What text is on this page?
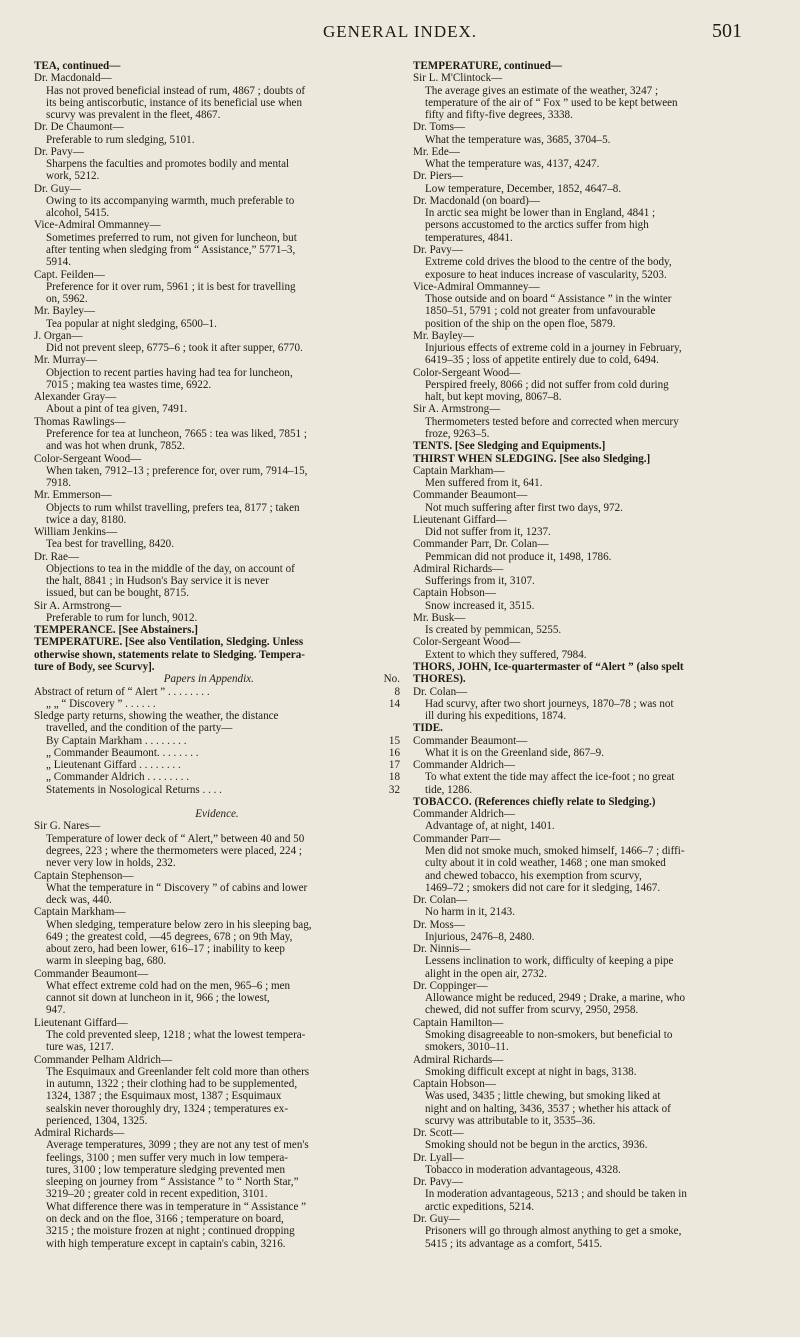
GENERAL INDEX.	501
TEA, continued—
Dr. Macdonald—
Has not proved beneficial instead of rum, 4867 ; doubts of
its being antiscorbutic, instance of its beneficial use when
scurvy was prevalent in the fleet, 4867.
Dr. De Chaumont—
Preferable to rum sledging, 5101.
Dr. Pavy—
Sharpens the faculties and promotes bodily and mental
work, 5212.
Dr. Guy—
Owing to its accompanying warmth, much preferable to
alcohol, 5415.
Vice-Admiral Ommanney—
Sometimes preferred to rum, not given for luncheon, but
after tenting when sledging from “ Assistance,” 5771–3,
5914.
Capt. Feilden—
Preference for it over rum, 5961 ; it is best for travelling
on, 5962.
Mr. Bayley—
Tea popular at night sledging, 6500–1.
J. Organ—
Did not prevent sleep, 6775–6 ; took it after supper, 6770.
Mr. Murray—
Objection to recent parties having had tea for luncheon,
7015 ; making tea wastes time, 6922.
Alexander Gray—
About a pint of tea given, 7491.
Thomas Rawlings—
Preference for tea at luncheon, 7665 : tea was liked, 7851 ;
and was hot when drunk, 7852.
Color-Sergeant Wood—
When taken, 7912–13 ; preference for, over rum, 7914–15,
7918.
Mr. Emmerson—
Objects to rum whilst travelling, prefers tea, 8177 ; taken
twice a day, 8180.
William Jenkins—
Tea best for travelling, 8420.
Dr. Rae—
Objections to tea in the middle of the day, on account of
the halt, 8841 ; in Hudson's Bay service it is never
issued, but can be bought, 8715.
Sir A. Armstrong—
Preferable to rum for lunch, 9012.
TEMPERANCE. [See Abstainers.]
TEMPERATURE. [See also Ventilation, Sledging. Unless
otherwise shown, statements relate to Sledging. Tempera-
ture of Body, see Scurvy].
Papers in Appendix.	No.
Abstract of return of “ Alert ” . . . . . . . .	8
„ „ “ Discovery ” . . . . . .	14
Sledge party returns, showing the weather, the distance
travelled, and the condition of the party—
By Captain Markham . . . . . . . .	15
„ Commander Beaumont. . . . . . . .	16
„ Lieutenant Giffard . . . . . . . .	17
„ Commander Aldrich . . . . . . . .	18
Statements in Nosological Returns . . . .	32
Evidence.
Sir G. Nares—
Temperature of lower deck of “ Alert,” between 40 and 50
degrees, 223 ; where the thermometers were placed, 224 ;
never very low in holds, 232.
Captain Stephenson—
What the temperature in “ Discovery ” of cabins and lower
deck was, 440.
Captain Markham—
When sledging, temperature below zero in his sleeping bag,
649 ; the greatest cold, —45 degrees, 678 ; on 9th May,
about zero, had been lower, 616–17 ; inability to keep
warm in sleeping bag, 680.
Commander Beaumont—
What effect extreme cold had on the men, 965–6 ; men
cannot sit down at luncheon in it, 966 ; the lowest,
947.
Lieutenant Giffard—
The cold prevented sleep, 1218 ; what the lowest tempera-
ture was, 1217.
Commander Pelham Aldrich—
The Esquimaux and Greenlander felt cold more than others
in autumn, 1322 ; their clothing had to be supplemented,
1324, 1387 ; the Esquimaux most, 1387 ; Esquimaux
sealskin never thoroughly dry, 1324 ; temperatures ex-
perienced, 1304, 1325.
Admiral Richards—
Average temperatures, 3099 ; they are not any test of men's
feelings, 3100 ; men suffer very much in low tempera-
tures, 3100 ; low temperature sledging prevented men
sleeping on journey from “ Assistance ” to “ North Star,”
3219–20 ; greater cold in recent expedition, 3101.
What difference there was in temperature in “ Assistance ”
on deck and on the floe, 3166 ; temperature on board,
3215 ; the moisture frozen at night ; continued dropping
with high temperature except in captain's cabin, 3216.
TEMPERATURE, continued—
Sir L. M'Clintock—
The average gives an estimate of the weather, 3247 ;
temperature of the air of “ Fox ” used to be kept between
fifty and fifty-five degrees, 3338.
Dr. Toms—
What the temperature was, 3685, 3704–5.
Mr. Ede—
What the temperature was, 4137, 4247.
Dr. Piers—
Low temperature, December, 1852, 4647–8.
Dr. Macdonald (on board)—
In arctic sea might be lower than in England, 4841 ;
persons accustomed to the arctics suffer from high
temperatures, 4841.
Dr. Pavy—
Extreme cold drives the blood to the centre of the body,
exposure to heat induces increase of vascularity, 5203.
Vice-Admiral Ommanney—
Those outside and on board “ Assistance ” in the winter
1850–51, 5791 ; cold not greater from unfavourable
position of the ship on the open floe, 5879.
Mr. Bayley—
Injurious effects of extreme cold in a journey in February,
6419–35 ; loss of appetite entirely due to cold, 6494.
Color-Sergeant Wood—
Perspired freely, 8066 ; did not suffer from cold during
halt, but kept moving, 8067–8.
Sir A. Armstrong—
Thermometers tested before and corrected when mercury
froze, 9263–5.
TENTS. [See Sledging and Equipments.]
THIRST WHEN SLEDGING. [See also Sledging.]
Captain Markham—
Men suffered from it, 641.
Commander Beaumont—
Not much suffering after first two days, 972.
Lieutenant Giffard—
Did not suffer from it, 1237.
Commander Parr, Dr. Colan—
Pemmican did not produce it, 1498, 1786.
Admiral Richards—
Sufferings from it, 3107.
Captain Hobson—
Snow increased it, 3515.
Mr. Busk—
Is created by pemmican, 5255.
Color-Sergeant Wood—
Extent to which they suffered, 7984.
THORS, JOHN, Ice-quartermaster of “Alert ” (also spelt
THORES).
Dr. Colan—
Had scurvy, after two short journeys, 1870–78 ; was not
ill during his expeditions, 1874.
TIDE.
Commander Beaumont—
What it is on the Greenland side, 867–9.
Commander Aldrich—
To what extent the tide may affect the ice-foot ; no great
tide, 1286.
TOBACCO. (References chiefly relate to Sledging.)
Commander Aldrich—
Advantage of, at night, 1401.
Commander Parr—
Men did not smoke much, smoked himself, 1466–7 ; diffi-
culty about it in cold weather, 1468 ; one man smoked
and chewed tobacco, his exemption from scurvy,
1469–72 ; smokers did not care for it sledging, 1467.
Dr. Colan—
No harm in it, 2143.
Dr. Moss—
Injurious, 2476–8, 2480.
Dr. Ninnis—
Lessens inclination to work, difficulty of keeping a pipe
alight in the open air, 2732.
Dr. Coppinger—
Allowance might be reduced, 2949 ; Drake, a marine, who
chewed, did not suffer from scurvy, 2950, 2958.
Captain Hamilton—
Smoking disagreeable to non-smokers, but beneficial to
smokers, 3010–11.
Admiral Richards—
Smoking difficult except at night in bags, 3138.
Captain Hobson—
Was used, 3435 ; little chewing, but smoking liked at
night and on halting, 3436, 3537 ; whether his attack of
scurvy was attributable to it, 3535–36.
Dr. Scott—
Smoking should not be begun in the arctics, 3936.
Dr. Lyall—
Tobacco in moderation advantageous, 4328.
Dr. Pavy—
In moderation advantageous, 5213 ; and should be taken in
arctic expeditions, 5214.
Dr. Guy—
Prisoners will go through almost anything to get a smoke,
5415 ; its advantage as a comfort, 5415.
